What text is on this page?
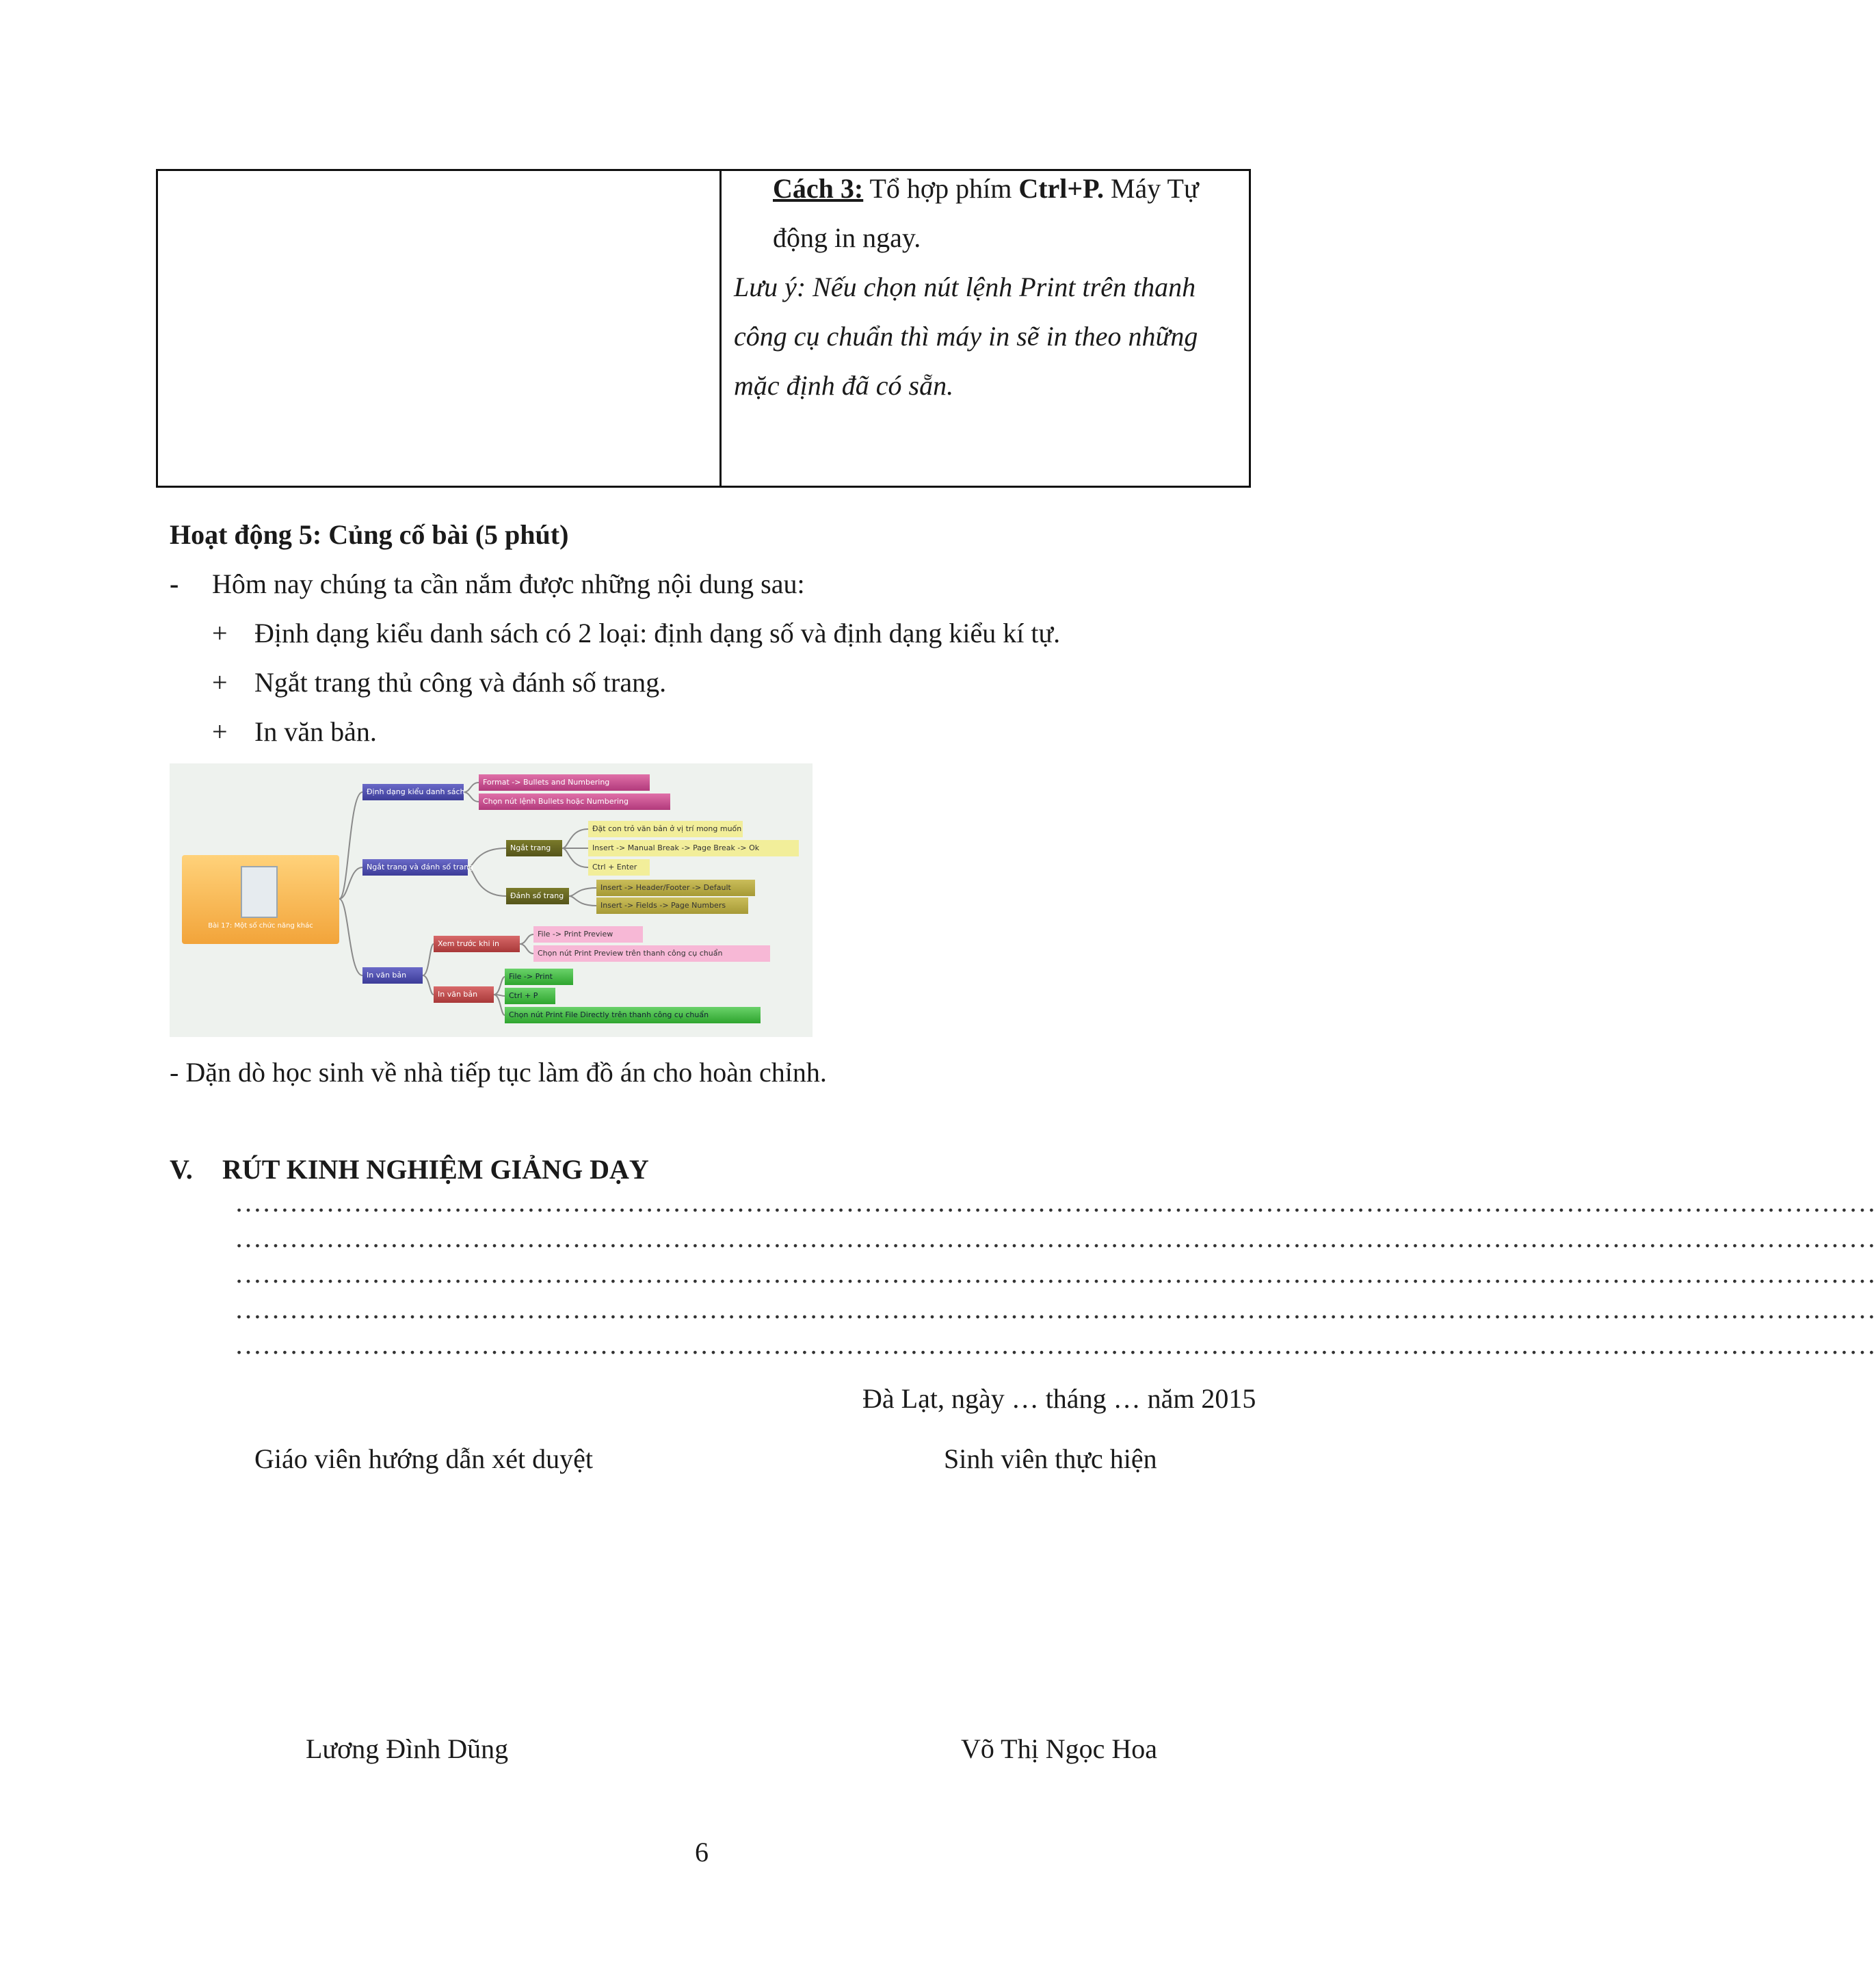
Cách 3: Tổ hợp phím Ctrl+P. Máy Tự
động in ngay.
Lưu ý: Nếu chọn nút lệnh Print trên thanh
công cụ chuẩn thì máy in sẽ in theo những
mặc định đã có sẵn.
Hoạt động 5: Củng cố bài (5 phút)
- Hôm nay chúng ta cần nắm được những nội dung sau:
+ Định dạng kiểu danh sách có 2 loại: định dạng số và định dạng kiểu kí tự.
+ Ngắt trang thủ công và đánh số trang.
+ In văn bản.
Bài 17: Một số chức năng khác
Định dạng kiểu danh sách
Format -> Bullets and Numbering
Chọn nút lệnh Bullets hoặc Numbering
Ngắt trang và đánh số trang
Ngắt trang
Đặt con trỏ văn bản ở vị trí mong muốn
Insert -> Manual Break -> Page Break -> Ok
Ctrl + Enter
Đánh số trang
Insert -> Header/Footer -> Default
Insert -> Fields -> Page Numbers
In văn bản
Xem trước khi in
File -> Print Preview
Chọn nút Print Preview trên thanh công cụ chuẩn
In văn bản
File -> Print
Ctrl + P
Chọn nút Print File Directly trên thanh công cụ chuẩn
- Dặn dò học sinh về nhà tiếp tục làm đồ án cho hoàn chỉnh.
V. RÚT KINH NGHIỆM GIẢNG DẠY
………………………………………………………………………………………………………………………………………………………………
………………………………………………………………………………………………………………………………………………………………
………………………………………………………………………………………………………………………………………………………………
………………………………………………………………………………………………………………………………………………………………
………………………………………………………………………………………………………………………………………………………………
Đà Lạt, ngày … tháng … năm 2015
Giáo viên hướng dẫn xét duyệt	Sinh viên thực hiện
Lương Đình Dũng	Võ Thị Ngọc Hoa
6
